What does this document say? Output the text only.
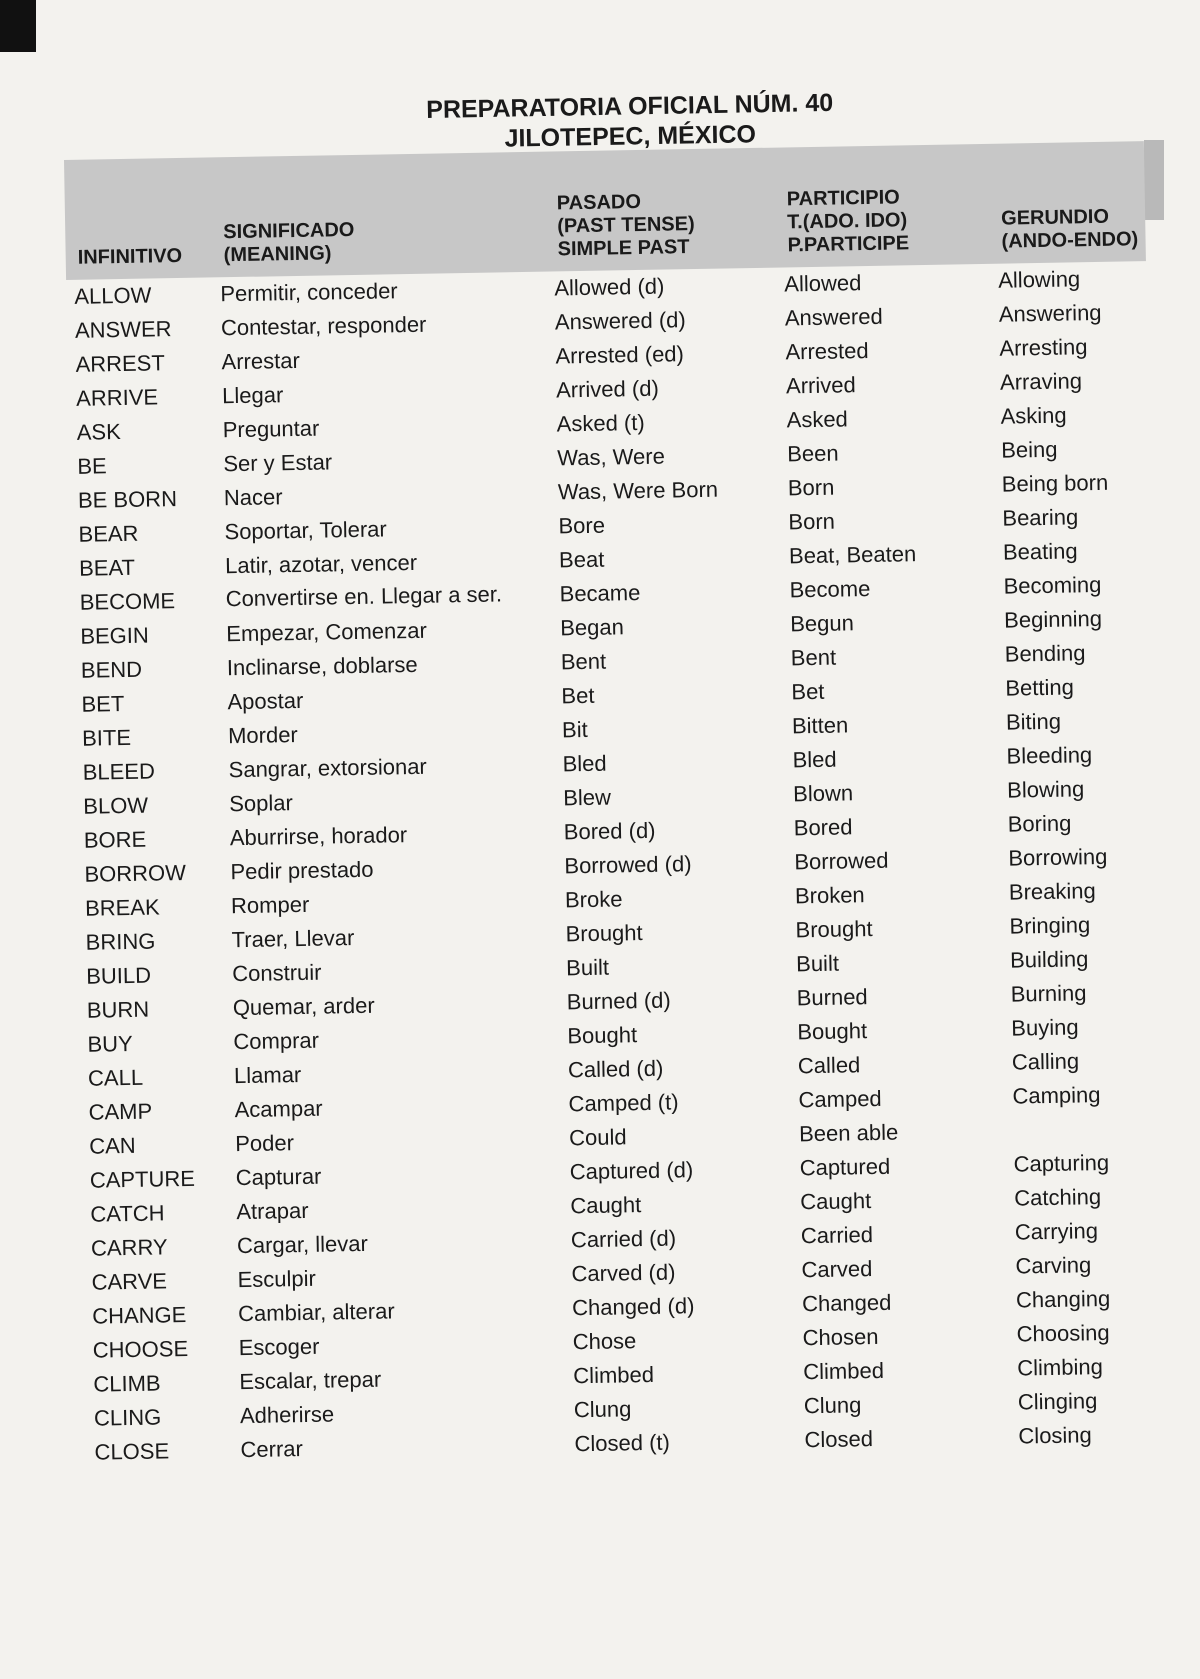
PREPARATORIA OFICIAL NÚM. 40
JILOTEPEC, MÉXICO
INFINITIVO
SIGNIFICADO
(MEANING)
PASADO
(PAST TENSE)
SIMPLE PAST
PARTICIPIO
T.(ADO. IDO)
P.PARTICIPE
GERUNDIO
(ANDO-ENDO)
ALLOW	Permitir, conceder	Allowed (d)	Allowed	Allowing
ANSWER	Contestar, responder	Answered (d)	Answered	Answering
ARREST	Arrestar	Arrested (ed)	Arrested	Arresting
ARRIVE	Llegar	Arrived (d)	Arrived	Arraving
ASK	Preguntar	Asked (t)	Asked	Asking
BE	Ser y Estar	Was, Were	Been	Being
BE BORN	Nacer	Was, Were Born	Born	Being born
BEAR	Soportar, Tolerar	Bore	Born	Bearing
BEAT	Latir, azotar, vencer	Beat	Beat, Beaten	Beating
BECOME	Convertirse en. Llegar a ser.	Became	Become	Becoming
BEGIN	Empezar, Comenzar	Began	Begun	Beginning
BEND	Inclinarse, doblarse	Bent	Bent	Bending
BET	Apostar	Bet	Bet	Betting
BITE	Morder	Bit	Bitten	Biting
BLEED	Sangrar, extorsionar	Bled	Bled	Bleeding
BLOW	Soplar	Blew	Blown	Blowing
BORE	Aburrirse, horador	Bored (d)	Bored	Boring
BORROW	Pedir prestado	Borrowed (d)	Borrowed	Borrowing
BREAK	Romper	Broke	Broken	Breaking
BRING	Traer, Llevar	Brought	Brought	Bringing
BUILD	Construir	Built	Built	Building
BURN	Quemar, arder	Burned (d)	Burned	Burning
BUY	Comprar	Bought	Bought	Buying
CALL	Llamar	Called (d)	Called	Calling
CAMP	Acampar	Camped (t)	Camped	Camping
CAN	Poder	Could	Been able
CAPTURE	Capturar	Captured (d)	Captured	Capturing
CATCH	Atrapar	Caught	Caught	Catching
CARRY	Cargar, llevar	Carried (d)	Carried	Carrying
CARVE	Esculpir	Carved (d)	Carved	Carving
CHANGE	Cambiar, alterar	Changed (d)	Changed	Changing
CHOOSE	Escoger	Chose	Chosen	Choosing
CLIMB	Escalar, trepar	Climbed	Climbed	Climbing
CLING	Adherirse	Clung	Clung	Clinging
CLOSE	Cerrar	Closed (t)	Closed	Closing
